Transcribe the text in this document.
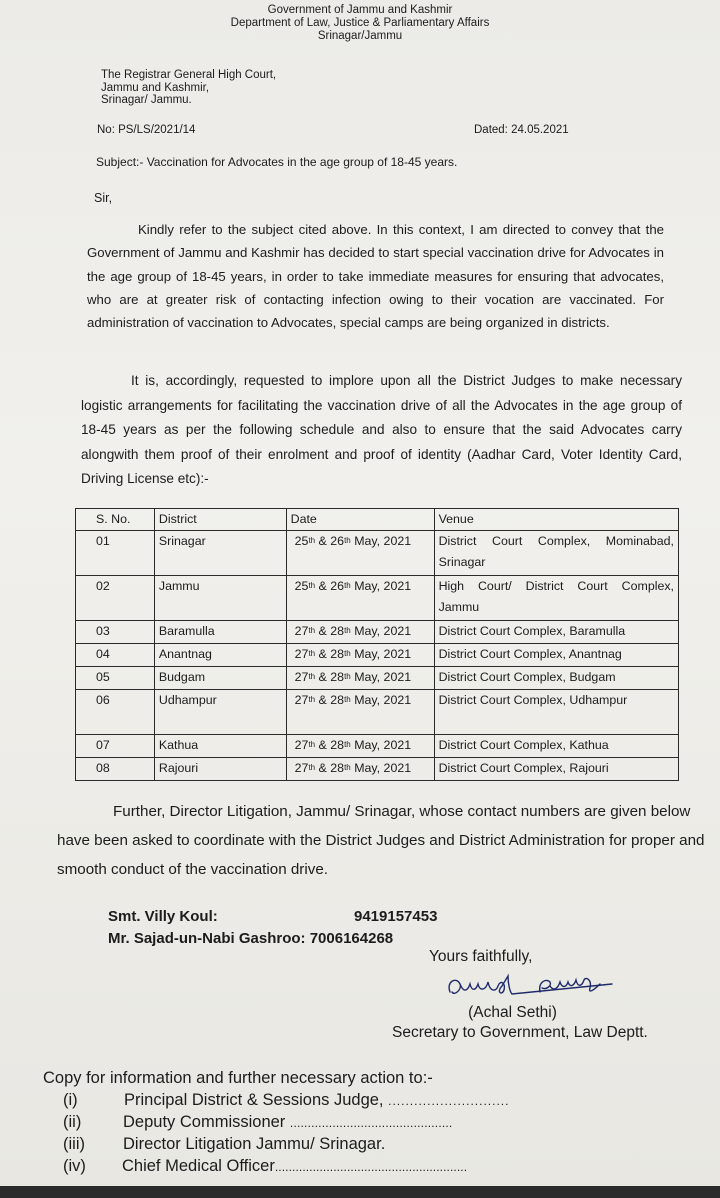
Government of Jammu and Kashmir
Department of Law, Justice & Parliamentary Affairs
Srinagar/Jammu
The Registrar General High Court,
Jammu and Kashmir,
Srinagar/ Jammu.
No: PS/LS/2021/14	Dated: 24.05.2021
Subject:- Vaccination for Advocates in the age group of 18-45 years.
Sir,
Kindly refer to the subject cited above. In this context, I am directed to convey that the Government of Jammu and Kashmir has decided to start special vaccination drive for Advocates in the age group of 18-45 years, in order to take immediate measures for ensuring that advocates, who are at greater risk of contacting infection owing to their vocation are vaccinated. For administration of vaccination to Advocates, special camps are being organized in districts.
It is, accordingly, requested to implore upon all the District Judges to make necessary logistic arrangements for facilitating the vaccination drive of all the Advocates in the age group of 18-45 years as per the following schedule and also to ensure that the said Advocates carry alongwith them proof of their enrolment and proof of identity (Aadhar Card, Voter Identity Card, Driving License etc):-
S. No.	District	Date	Venue
01	Srinagar	25th & 26th May, 2021	District Court Complex, Mominabad, Srinagar
02	Jammu	25th & 26th May, 2021	High Court/ District Court Complex, Jammu
03	Baramulla	27th & 28th May, 2021	District Court Complex, Baramulla
04	Anantnag	27th & 28th May, 2021	District Court Complex, Anantnag
05	Budgam	27th & 28th May, 2021	District Court Complex, Budgam
06	Udhampur	27th & 28th May, 2021	District Court Complex, Udhampur
07	Kathua	27th & 28th May, 2021	District Court Complex, Kathua
08	Rajouri	27th & 28th May, 2021	District Court Complex, Rajouri
Further, Director Litigation, Jammu/ Srinagar, whose contact numbers are given below have been asked to coordinate with the District Judges and District Administration for proper and smooth conduct of the vaccination drive.
Smt. Villy Koul:	9419157453
Mr. Sajad-un-Nabi Gashroo: 7006164268
Yours faithfully,
(Achal Sethi)
Secretary to Government, Law Deptt.
Copy for information and further necessary action to:-
(i)	Principal District & Sessions Judge, ............................
(ii)	Deputy Commissioner ..............................................
(iii) Director Litigation Jammu/ Srinagar.
(iv) Chief Medical Officer........................................................
